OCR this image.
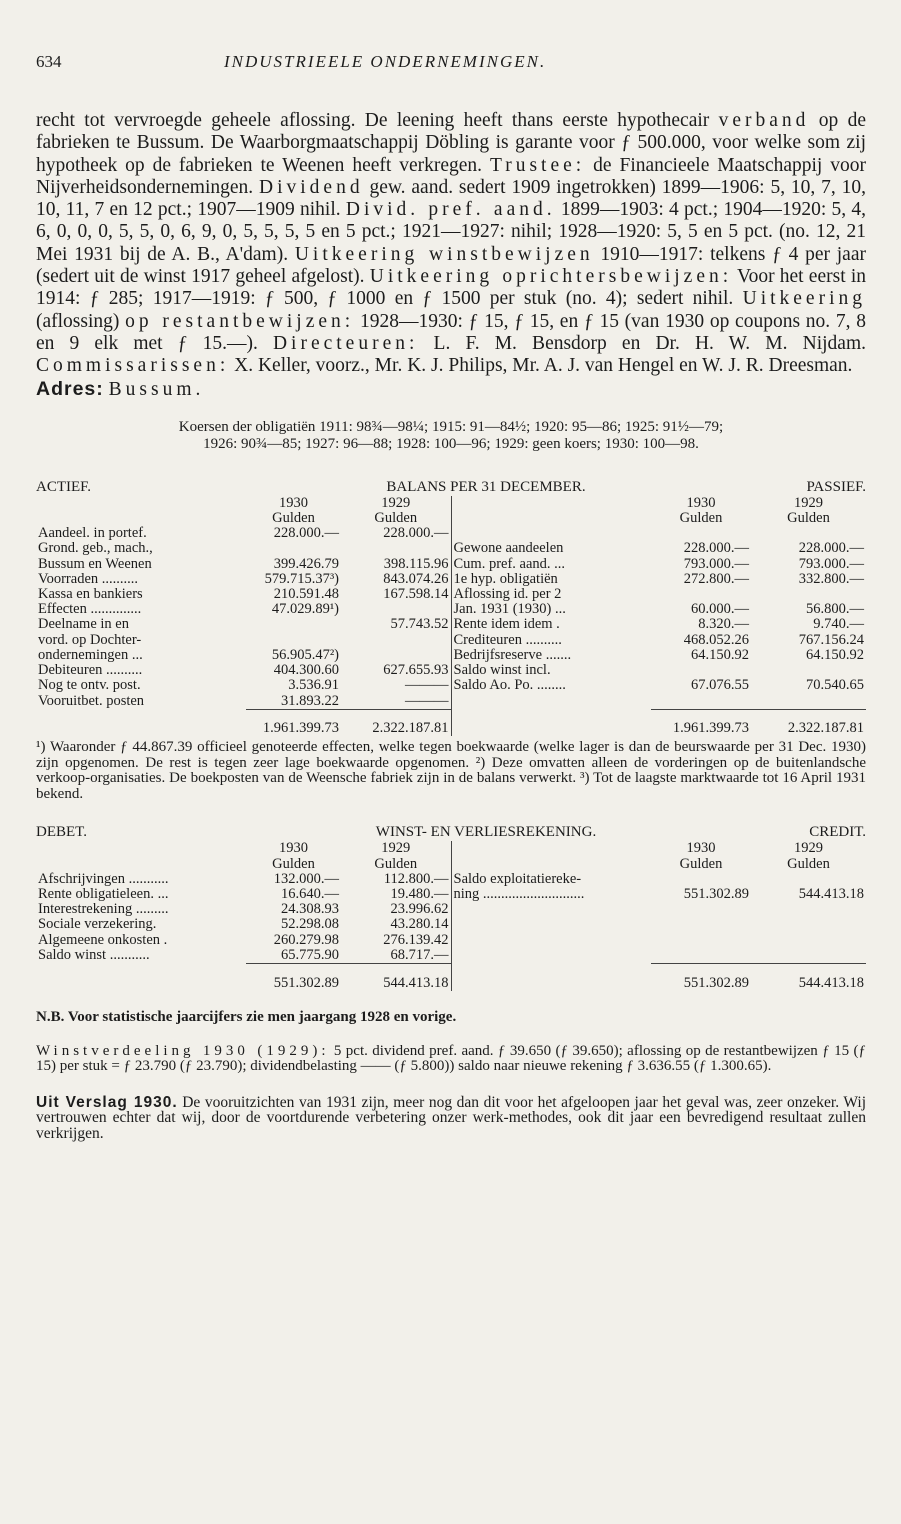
634	INDUSTRIEELE ONDERNEMINGEN.
recht tot vervroegde geheele aflossing. De leening heeft thans eerste hypothecair verband op de fabrieken te Bussum. De Waarborgmaatschappij Döbling is garante voor ƒ 500.000, voor welke som zij hypotheek op de fabrieken te Weenen heeft verkregen. Trustee: de Financieele Maatschappij voor Nijverheidsondernemingen. Dividend gew. aand. sedert 1909 ingetrokken) 1899—1906: 5, 10, 7, 10, 10, 11, 7 en 12 pct.; 1907—1909 nihil. Divid. pref. aand. 1899—1903: 4 pct.; 1904—1920: 5, 4, 6, 0, 0, 0, 5, 5, 0, 6, 9, 0, 5, 5, 5, 5 en 5 pct.; 1921—1927: nihil; 1928—1920: 5, 5 en 5 pct. (no. 12, 21 Mei 1931 bij de A. B., A'dam). Uitkeering winstbewijzen 1910—1917: telkens ƒ 4 per jaar (sedert uit de winst 1917 geheel afgelost). Uitkeering oprichtersbewijzen: Voor het eerst in 1914: ƒ 285; 1917—1919: ƒ 500, ƒ 1000 en ƒ 1500 per stuk (no. 4); sedert nihil. Uitkeering (aflossing) op restantbewijzen: 1928—1930: ƒ 15, ƒ 15, en ƒ 15 (van 1930 op coupons no. 7, 8 en 9 elk met ƒ 15.—). Directeuren: L. F. M. Bensdorp en Dr. H. W. M. Nijdam. Commissarissen: X. Keller, voorz., Mr. K. J. Philips, Mr. A. J. van Hengel en W. J. R. Dreesman.
Adres: Bussum.
Koersen der obligatiën 1911: 98¾—98¼; 1915: 91—84½; 1920: 95—86; 1925: 91½—79;
1926: 90¾—85; 1927: 96—88; 1928: 100—96; 1929: geen koers; 1930: 100—98.
ACTIEF.	BALANS PER 31 DECEMBER.	PASSIEF.
	1930	1929		1930	1929
	Gulden	Gulden		Gulden	Gulden
Aandeel. in portef.	228.000.—	228.000.—			
Grond. geb., mach.,			Gewone aandeelen	228.000.—	228.000.—
Bussum en Weenen	399.426.79	398.115.96	Cum. pref. aand. ...	793.000.—	793.000.—
Voorraden ..........	579.715.37³)	843.074.26	1e hyp. obligatiën	272.800.—	332.800.—
Kassa en bankiers	210.591.48	167.598.14	Aflossing id. per 2		
Effecten ..............	47.029.89¹)		Jan. 1931 (1930) ...	60.000.—	56.800.—
Deelname in en		57.743.52	Rente idem idem .	8.320.—	9.740.—
vord. op Dochter-			Crediteuren ..........	468.052.26	767.156.24
ondernemingen ...	56.905.47²)		Bedrijfsreserve .......	64.150.92	64.150.92
Debiteuren ..........	404.300.60	627.655.93	Saldo winst incl.		
Nog te ontv. post.	3.536.91	———	Saldo Ao. Po. ........	67.076.55	70.540.65
Vooruitbet. posten	31.893.22	———			

	1.961.399.73	2.322.187.81		1.961.399.73	2.322.187.81
¹) Waaronder ƒ 44.867.39 officieel genoteerde effecten, welke tegen boekwaarde (welke lager is dan de beurswaarde per 31 Dec. 1930) zijn opgenomen. De rest is tegen zeer lage boekwaarde opgenomen. ²) Deze omvatten alleen de vorderingen op de buitenlandsche verkoop-organisaties. De boekposten van de Weensche fabriek zijn in de balans verwerkt. ³) Tot de laagste marktwaarde tot 16 April 1931 bekend.
DEBET.	WINST- EN VERLIESREKENING.	CREDIT.
	1930	1929		1930	1929
	Gulden	Gulden		Gulden	Gulden
Afschrijvingen ...........	132.000.—	112.800.—	Saldo exploitatiereke-		
Rente obligatieleen. ...	16.640.—	19.480.—	ning ............................	551.302.89	544.413.18
Interestrekening .........	24.308.93	23.996.62			
Sociale verzekering.	52.298.08	43.280.14			
Algemeene onkosten .	260.279.98	276.139.42			
Saldo winst ...........	65.775.90	68.717.—			

	551.302.89	544.413.18		551.302.89	544.413.18
N.B. Voor statistische jaarcijfers zie men jaargang 1928 en vorige.
Winstverdeeling 1930 (1929): 5 pct. dividend pref. aand. ƒ 39.650 (ƒ 39.650); aflossing op de restantbewijzen ƒ 15 (ƒ 15) per stuk = ƒ 23.790 (ƒ 23.790); dividendbelasting —— (ƒ 5.800)) saldo naar nieuwe rekening ƒ 3.636.55 (ƒ 1.300.65).
Uit Verslag 1930. De vooruitzichten van 1931 zijn, meer nog dan dit voor het afgeloopen jaar het geval was, zeer onzeker. Wij vertrouwen echter dat wij, door de voortdurende verbetering onzer werk-methodes, ook dit jaar een bevredigend resultaat zullen verkrijgen.
